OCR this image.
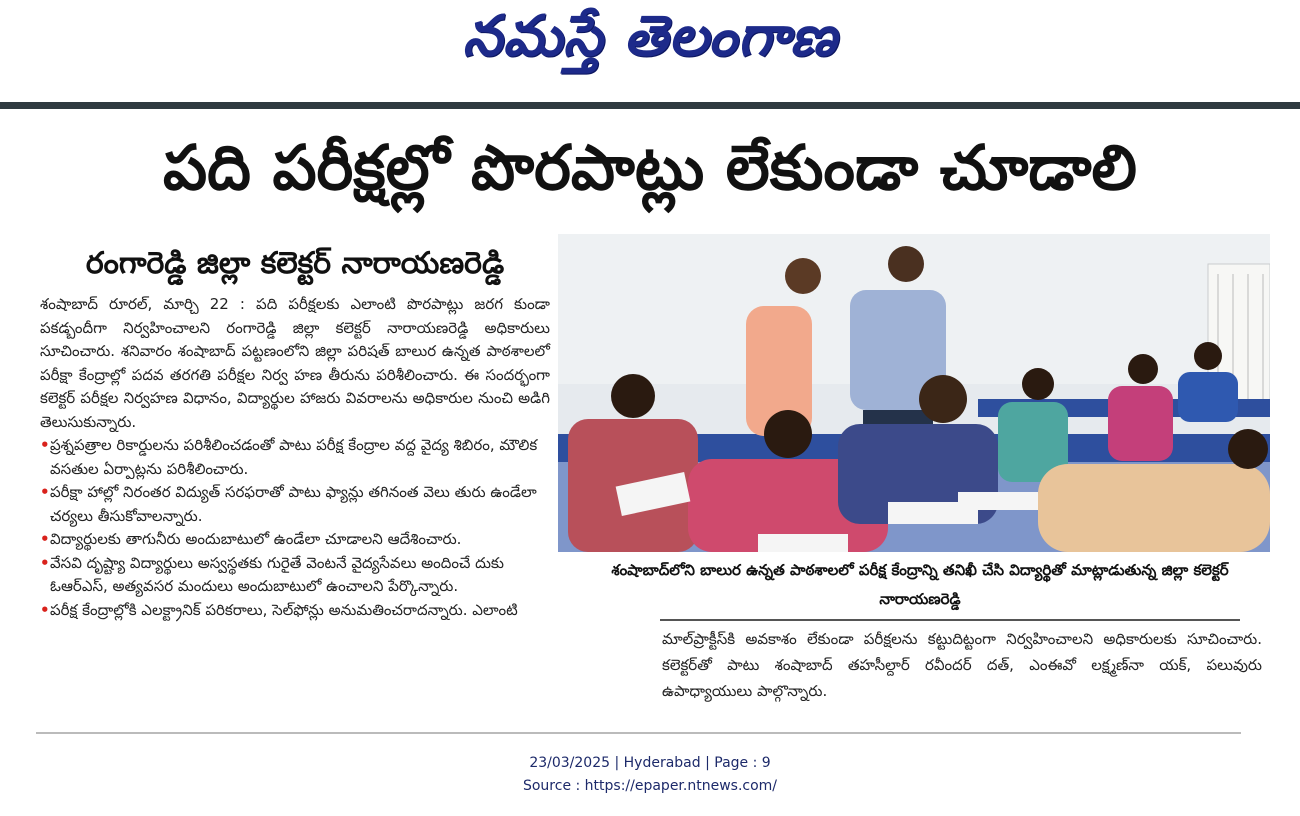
నమస్తే తెలంగాణ
పది పరీక్షల్లో పొరపాట్లు లేకుండా చూడాలి
రంగారెడ్డి జిల్లా కలెక్టర్ నారాయణరెడ్డి

శంషాబాద్ రూరల్, మార్చి 22 : పది పరీక్షలకు ఎలాంటి పొరపాట్లు జరగ కుండా పకడ్బందీగా నిర్వహించాలని రంగారెడ్డి జిల్లా కలెక్టర్ నారాయణరెడ్డి అధికారులు సూచించారు. శనివారం శంషాబాద్ పట్టణంలోని జిల్లా పరిషత్ బాలుర ఉన్నత పాఠశాలలో పరీక్షా కేంద్రాల్లో పదవ తరగతి పరీక్షల నిర్వ హణ తీరును పరిశీలించారు. ఈ సందర్భంగా కలెక్టర్ పరీక్షల నిర్వహణ విధానం, విద్యార్థుల హాజరు వివరాలను అధికారుల నుంచి అడిగి తెలుసుకున్నారు.

• ప్రశ్నపత్రాల రికార్డులను పరిశీలించడంతో పాటు పరీక్ష కేంద్రాల వద్ద వైద్య శిబిరం, మౌలిక వసతుల ఏర్పాట్లను పరిశీలించారు.
• పరీక్షా హాల్లో నిరంతర విద్యుత్ సరఫరాతో పాటు ఫ్యాన్లు తగినంత వెలు తురు ఉండేలా చర్యలు తీసుకోవాలన్నారు.
• విద్యార్థులకు తాగునీరు అందుబాటులో ఉండేలా చూడాలని ఆదేశించారు.
• వేసవి దృష్ట్యా విద్యార్థులు అస్వస్థతకు గురైతే వెంటనే వైద్యసేవలు అందించే దుకు ఓఆర్ఎస్, అత్యవసర మందులు అందుబాటులో ఉంచాలని పేర్కొన్నారు.
• పరీక్ష కేంద్రాల్లోకి ఎలక్ట్రానిక్ పరికరాలు, సెల్‌ఫోన్లు అనుమతించరాదన్నారు. ఎలాంటి
శంషాబాద్‌లోని బాలుర ఉన్నత పాఠశాలలో పరీక్ష కేంద్రాన్ని తనిఖీ చేసి విద్యార్థితో మాట్లాడుతున్న జిల్లా కలెక్టర్ నారాయణరెడ్డి

మాల్‌ప్రాక్టీస్‌కి అవకాశం లేకుండా పరీక్షలను కట్టుదిట్టంగా నిర్వహించాలని అధికారులకు సూచించారు. కలెక్టర్‌తో పాటు శంషాబాద్ తహసీల్దార్ రవీందర్ దత్, ఎంఈవో లక్ష్మణ్‌నా యక్, పలువురు ఉపాధ్యాయులు పాల్గొన్నారు.

23/03/2025 | Hyderabad | Page : 9
Source : https://epaper.ntnews.com/
